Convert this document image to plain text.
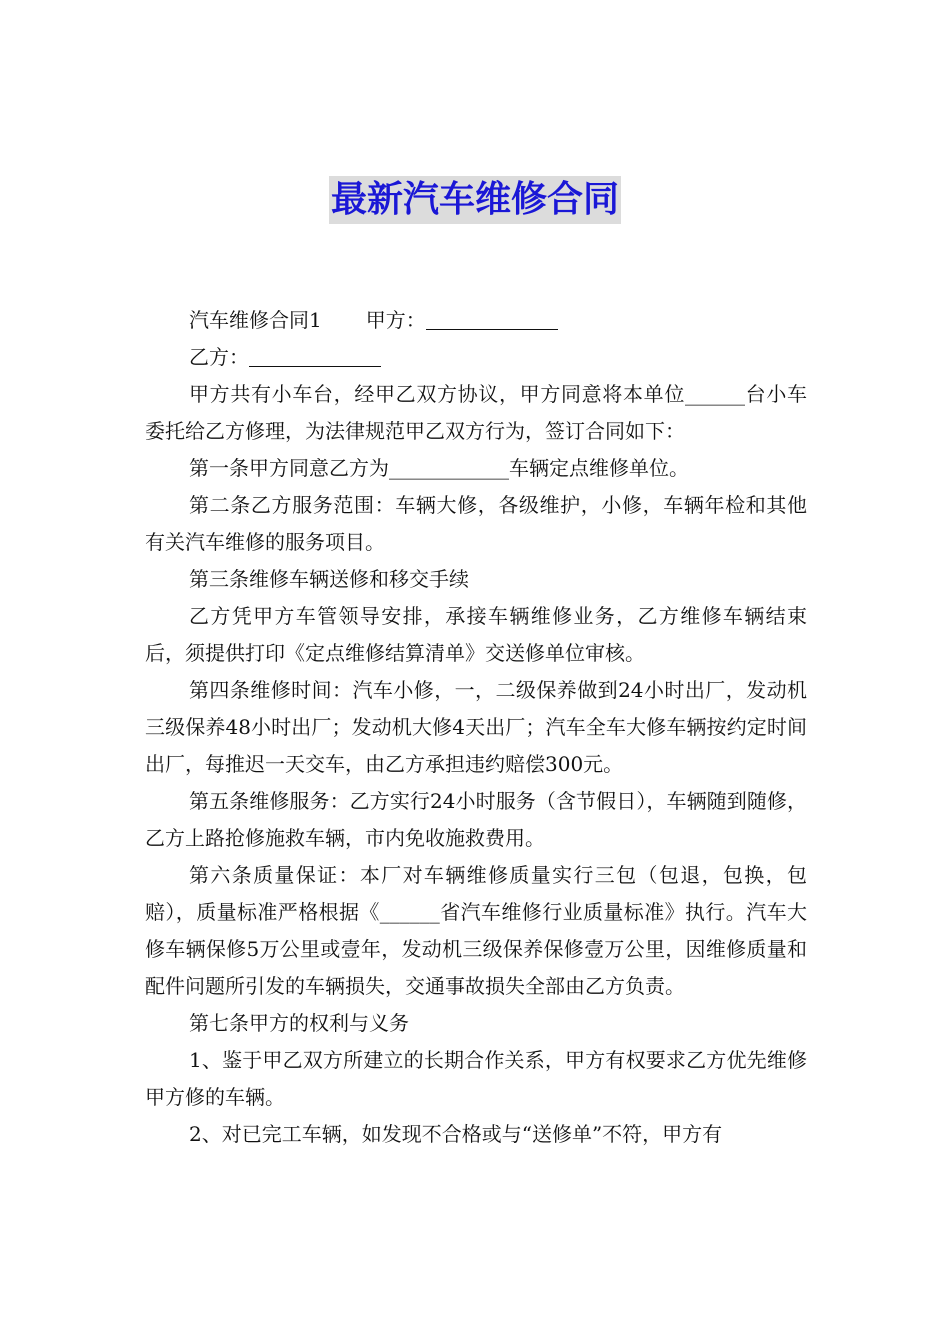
最新汽车维修合同

汽车维修合同1 甲方：

乙方：

甲方共有小车台，经甲乙双方协议，甲方同意将本单位______台小车委托给乙方修理，为法律规范甲乙双方行为，签订合同如下：

第一条甲方同意乙方为____________车辆定点维修单位。

第二条乙方服务范围：车辆大修，各级维护，小修，车辆年检和其他有关汽车维修的服务项目。

第三条维修车辆送修和移交手续

乙方凭甲方车管领导安排，承接车辆维修业务，乙方维修车辆结束后，须提供打印《定点维修结算清单》交送修单位审核。

第四条维修时间：汽车小修，一，二级保养做到24小时出厂，发动机三级保养48小时出厂；发动机大修4天出厂；汽车全车大修车辆按约定时间出厂，每推迟一天交车，由乙方承担违约赔偿300元。

第五条维修服务：乙方实行24小时服务（含节假日），车辆随到随修，乙方上路抢修施救车辆，市内免收施救费用。

第六条质量保证：本厂对车辆维修质量实行三包（包退，包换，包赔），质量标准严格根据《______省汽车维修行业质量标准》执行。汽车大修车辆保修5万公里或壹年，发动机三级保养保修壹万公里，因维修质量和配件问题所引发的车辆损失，交通事故损失全部由乙方负责。

第七条甲方的权利与义务

1、鉴于甲乙双方所建立的长期合作关系，甲方有权要求乙方优先维修甲方修的车辆。

2、对已完工车辆，如发现不合格或与“送修单”不符，甲方有
